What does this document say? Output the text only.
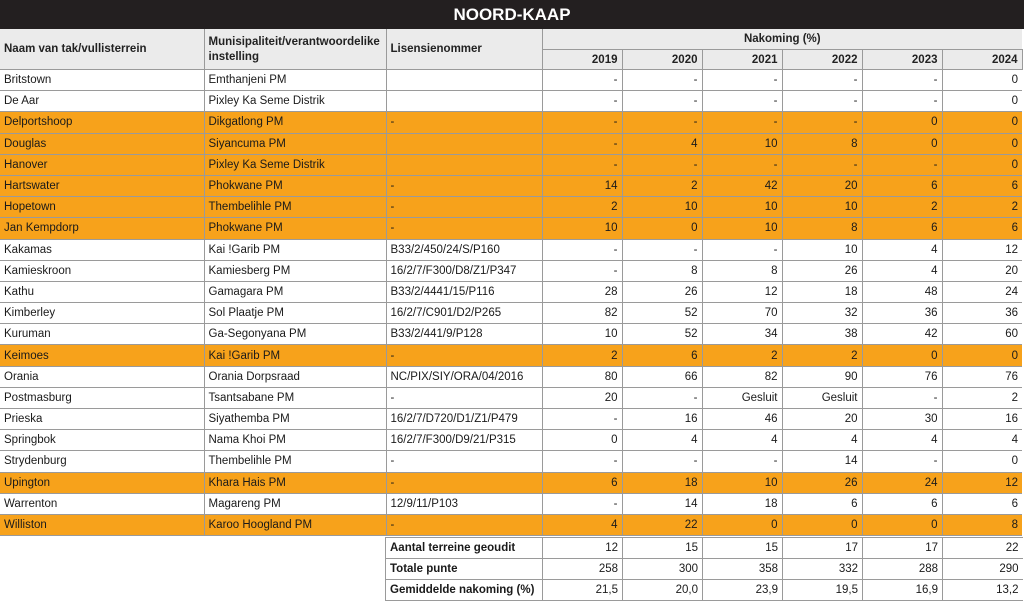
NOORD-KAAP
Naam van tak/vullisterrein	Munisipaliteit/verantwoordelike instelling	Lisensienommer	Nakoming (%)					
			2019	2020	2021	2022	2023	2024
Britstown	Emthanjeni PM		-	-	-	-	-	0
De Aar	Pixley Ka Seme Distrik		-	-	-	-	-	0
Delportshoop	Dikgatlong PM	-	-	-	-	-	0	0
Douglas	Siyancuma PM		-	4	10	8	0	0
Hanover	Pixley Ka Seme Distrik		-	-	-	-	-	0
Hartswater	Phokwane PM	-	14	2	42	20	6	6
Hopetown	Thembelihle PM	-	2	10	10	10	2	2
Jan Kempdorp	Phokwane PM	-	10	0	10	8	6	6
Kakamas	Kai !Garib PM	B33/2/450/24/S/P160	-	-	-	10	4	12
Kamieskroon	Kamiesberg PM	16/2/7/F300/D8/Z1/P347	-	8	8	26	4	20
Kathu	Gamagara PM	B33/2/4441/15/P116	28	26	12	18	48	24
Kimberley	Sol Plaatje PM	16/2/7/C901/D2/P265	82	52	70	32	36	36
Kuruman	Ga-Segonyana PM	B33/2/441/9/P128	10	52	34	38	42	60
Keimoes	Kai !Garib PM	-	2	6	2	2	0	0
Orania	Orania Dorpsraad	NC/PIX/SIY/ORA/04/2016	80	66	82	90	76	76
Postmasburg	Tsantsabane PM	-	20	-	Gesluit	Gesluit	-	2
Prieska	Siyathemba PM	16/2/7/D720/D1/Z1/P479	-	16	46	20	30	16
Springbok	Nama Khoi PM	16/2/7/F300/D9/21/P315	0	4	4	4	4	4
Strydenburg	Thembelihle PM	-	-	-	-	14	-	0
Upington	Khara Hais PM	-	6	18	10	26	24	12
Warrenton	Magareng PM	12/9/11/P103	-	14	18	6	6	6
Williston	Karoo Hoogland PM	-	4	22	0	0	0	8
Aantal terreine geoudit	12	15	15	17	17	22
Totale punte	258	300	358	332	288	290
Gemiddelde nakoming (%)	21,5	20,0	23,9	19,5	16,9	13,2
